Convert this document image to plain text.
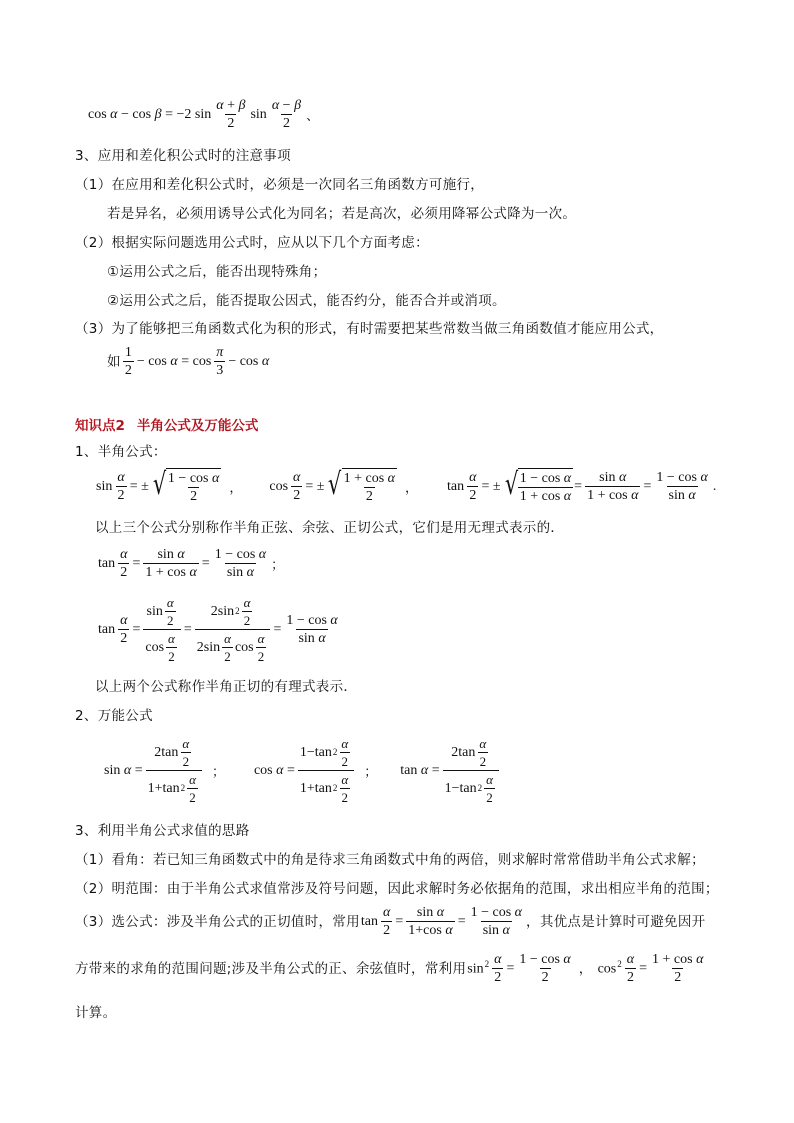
cos α − cos β = −2 $\sin \frac{\alpha + \beta}{2}$ $\sin \frac{\alpha - \beta}{2}$ 、
3、应用和差化积公式时的注意事项
（1）在应用和差化积公式时，必须是一次同名三角函数方可施行，
若是异名，必须用诱导公式化为同名；若是高次，必须用降幂公式降为一次。
（2）根据实际问题选用公式时，应从以下几个方面考虑：
①运用公式之后，能否出现特殊角；
②运用公式之后，能否提取公因式，能否约分，能否合并或消项。
（3）为了能够把三角函数式化为积的形式，有时需要把某些常数当做三角函数值才能应用公式，
如 $\frac{1}{2} - \cos \alpha = \cos \frac{\pi}{3} - \cos \alpha$
知识点2 半角公式及万能公式
1、半角公式：
$\sin \frac{\alpha}{2}$ = ± √ $\frac{\text{1 − cos α}}{2}$ ， $\cos \frac{\alpha}{2}$ = ± √ $\frac{\text{1 + cos α}}{2}$ ， $\tan \frac{\alpha}{2}$ = ± √ $\frac{\text{1 − cos α}}{\text{1 + cos α}} = \frac{\text{sin α}}{\text{1 + cos α}} = \frac{\text{1 − cos α}}{\text{sin α}}$ .
以上三个公式分别称作半角正弦、余弦、正切公式，它们是用无理式表示的．
$\tan \frac{\alpha}{2} = \frac{\text{sin α}}{\text{1 + cos α}} = \frac{\text{1 − cos α}}{\text{sin α}}$ ；
$\tan \frac{\alpha}{2} = \frac{\sin \frac{\alpha}{2}}{\cos \frac{\alpha}{2}} = \frac{2\sin 2 \frac{\alpha}{2}}{2\sin \frac{\alpha}{2} \cos \frac{\alpha}{2}} = \frac{\text{1 − cos α}}{\text{sin α}}$
以上两个公式称作半角正切的有理式表示．
2、万能公式
$\sin \alpha = \frac{2\tan \frac{\alpha}{2}}{1+\tan 2 \frac{\alpha}{2}}$ ； $\cos \alpha = \frac{1-\tan 2 \frac{\alpha}{2}}{1+\tan 2 \frac{\alpha}{2}}$ ； $\tan \alpha = \frac{2\tan \frac{\alpha}{2}}{1-\tan 2 \frac{\alpha}{2}}$
3、利用半角公式求值的思路
（1）看角：若已知三角函数式中的角是待求三角函数式中角的两倍，则求解时常常借助半角公式求解；
（2）明范围：由于半角公式求值常涉及符号问题，因此求解时务必依据角的范围，求出相应半角的范围；
（3）选公式：涉及半角公式的正切值时，常用 $\tan \frac{\alpha}{2} = \frac{\text{sin α}}{\text{1+cos α}} = \frac{\text{1 − cos α}}{\text{sin α}}$ ，其优点是计算时可避免因开
方带来的求角的范围问题;涉及半角公式的正、余弦值时，常利用 $\sin^2 \frac{\alpha}{2} = \frac{\text{1 − cos α}}{2}$ ， $\cos^2 \frac{\alpha}{2} = \frac{\text{1 + cos α}}{2}$
计算。
